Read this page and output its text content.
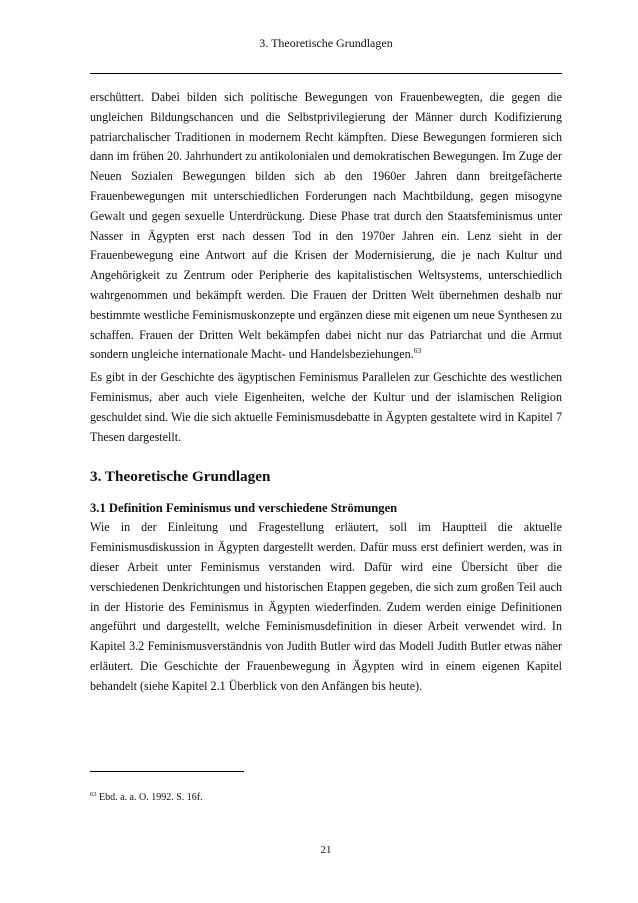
3. Theoretische Grundlagen

erschüttert. Dabei bilden sich politische Bewegungen von Frauenbewegten, die gegen die ungleichen Bildungschancen und die Selbstprivilegierung der Männer durch Kodifizierung patriarchalischer Traditionen in modernem Recht kämpften. Diese Bewegungen formieren sich dann im frühen 20. Jahrhundert zu antikolonialen und demokratischen Bewegungen. Im Zuge der Neuen Sozialen Bewegungen bilden sich ab den 1960er Jahren dann breitgefächerte Frauenbewegungen mit unterschiedlichen Forderungen nach Machtbildung, gegen misogyne Gewalt und gegen sexuelle Unterdrückung. Diese Phase trat durch den Staatsfeminismus unter Nasser in Ägypten erst nach dessen Tod in den 1970er Jahren ein. Lenz sieht in der Frauenbewegung eine Antwort auf die Krisen der Modernisierung, die je nach Kultur und Angehörigkeit zu Zentrum oder Peripherie des kapitalistischen Weltsystems, unterschiedlich wahrgenommen und bekämpft werden. Die Frauen der Dritten Welt übernehmen deshalb nur bestimmte westliche Feminismuskonzepte und ergänzen diese mit eigenen um neue Synthesen zu schaffen. Frauen der Dritten Welt bekämpfen dabei nicht nur das Patriarchat und die Armut sondern ungleiche internationale Macht- und Handelsbeziehungen.$^{63}$

Es gibt in der Geschichte des ägyptischen Feminismus Parallelen zur Geschichte des westlichen Feminismus, aber auch viele Eigenheiten, welche der Kultur und der islamischen Religion geschuldet sind. Wie die sich aktuelle Feminismusdebatte in Ägypten gestaltete wird in Kapitel 7 Thesen dargestellt.

3. Theoretische Grundlagen
3.1 Definition Feminismus und verschiedene Strömungen

Wie in der Einleitung und Fragestellung erläutert, soll im Hauptteil die aktuelle Feminismusdiskussion in Ägypten dargestellt werden. Dafür muss erst definiert werden, was in dieser Arbeit unter Feminismus verstanden wird. Dafür wird eine Übersicht über die verschiedenen Denkrichtungen und historischen Etappen gegeben, die sich zum großen Teil auch in der Historie des Feminismus in Ägypten wiederfinden. Zudem werden einige Definitionen angeführt und dargestellt, welche Feminismusdefinition in dieser Arbeit verwendet wird. In Kapitel 3.2 Feminismusverständnis von Judith Butler wird das Modell Judith Butler etwas näher erläutert. Die Geschichte der Frauenbewegung in Ägypten wird in einem eigenen Kapitel behandelt (siehe Kapitel 2.1 Überblick von den Anfängen bis heute).

$^{63}$ Ebd. a. a. O. 1992. S. 16f.
21
